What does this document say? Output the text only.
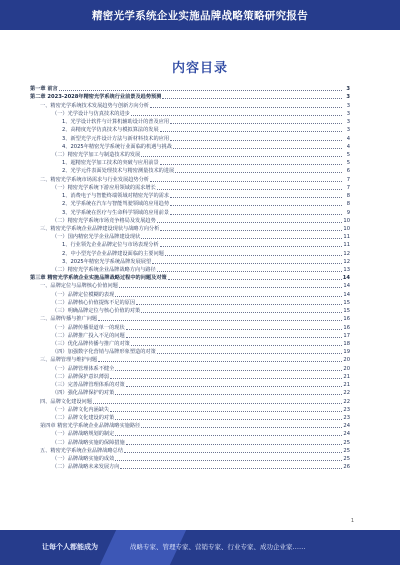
精密光学系统企业实施品牌战略策略研究报告
内容目录
第一章 前言	3
第二章 2023-2028年精密光学系统行业前景及趋势预测	3
一、精密光学系统技术发展趋势与创新方向分析	3
（一）光学设计与仿真技术的进步	3
1、光学设计软件与计算机辅助设计的普及应用	3
2、高精度光学仿真技术与模拟算法的发展	3
3、新型光学元件设计方法与新材料技术的应用	4
4、2025年精密光学系统行业面临的机遇与挑战	4
（二）精密光学加工与制造技术的发展	5
1、超精密光学加工技术的突破与应用前景	5
2、光学元件表面处理技术与精密测量技术的进展	6
二、精密光学系统市场需求与行业发展趋势分析	7
（一）精密光学系统下游应用领域的需求增长	7
1、消费电子与智能终端领域对精密光学的需求	8
2、光学系统在汽车与智能驾驶领域的应用趋势	8
3、光学系统在医疗与生命科学领域的应用前景	9
（二）精密光学系统市场竞争格局及发展趋势	10
三、精密光学系统企业品牌建设现状与战略方向分析	10
（一）国内精密光学企业品牌建设现状	11
1、行业领先企业品牌定位与市场表现分析	11
2、中小型光学企业品牌建设面临的主要问题	12
3、2025年精密光学系统品牌发展展望	12
（二）精密光学系统企业品牌战略方向与路径	13
第三章 精密光学系统企业实施品牌战略过程中的问题及对策	14
一、品牌定位与品牌核心价值问题	14
（一）品牌定位模糊的表现	14
（二）品牌核心价值提炼不足的原因	15
（三）明确品牌定位与核心价值的对策	15
二、品牌传播与推广问题	16
（一）品牌传播渠道单一的现状	16
（二）品牌推广投入不足的问题	17
（三）优化品牌传播与推广的对策	18
（四）加强数字化营销与品牌形象塑造的对策	19
三、品牌管理与维护问题	20
（一）品牌管理体系不健全	20
（二）品牌保护意识薄弱	21
（三）完善品牌管理体系的对策	21
（四）强化品牌保护的对策	22
四、品牌文化建设问题	22
（一）品牌文化内涵缺失	23
（二）品牌文化建设的对策	23
第四章 精密光学系统企业品牌战略实施路径	24
（一）品牌战略规划的制定	24
（二）品牌战略实施的保障措施	25
五、精密光学系统企业品牌战略总结	25
（一）品牌战略实施的成效	25
（二）品牌战略未来发展方向	26
1
让每个人都能成为	战略专家、管理专家、营销专家、行业专家、成功企业家……
